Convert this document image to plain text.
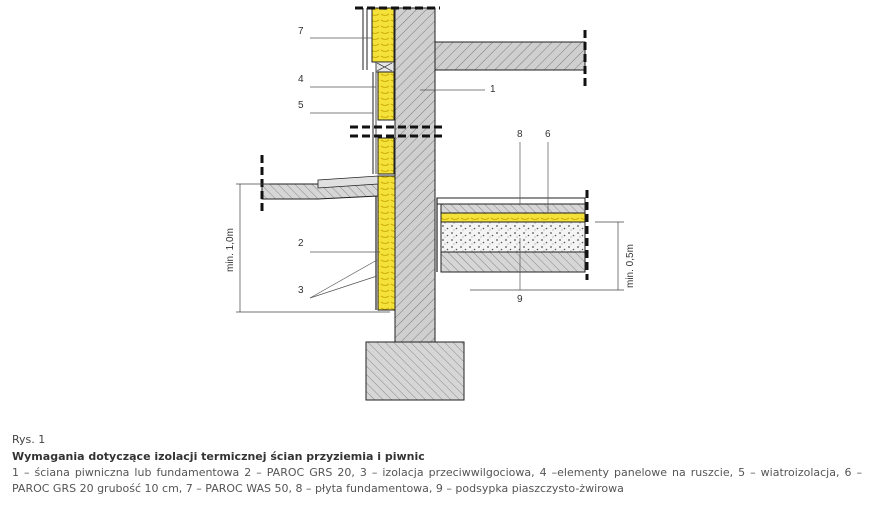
7
4
5
1
8 6
2
3
9
min. 1,0m	min. 0,5m

Rys. 1

Wymagania dotyczące izolacji termicznej ścian przyziemia i piwnic

1 – ściana piwniczna lub fundamentowa 2 – PAROC GRS 20, 3 – izolacja przeciwwilgociowa, 4 –elementy panelowe na ruszcie, 5 – wiatroizolacja, 6 – PAROC GRS 20 grubość 10 cm, 7 – PAROC WAS 50, 8 – płyta fundamentowa, 9 – podsypka piaszczysto-żwirowa
